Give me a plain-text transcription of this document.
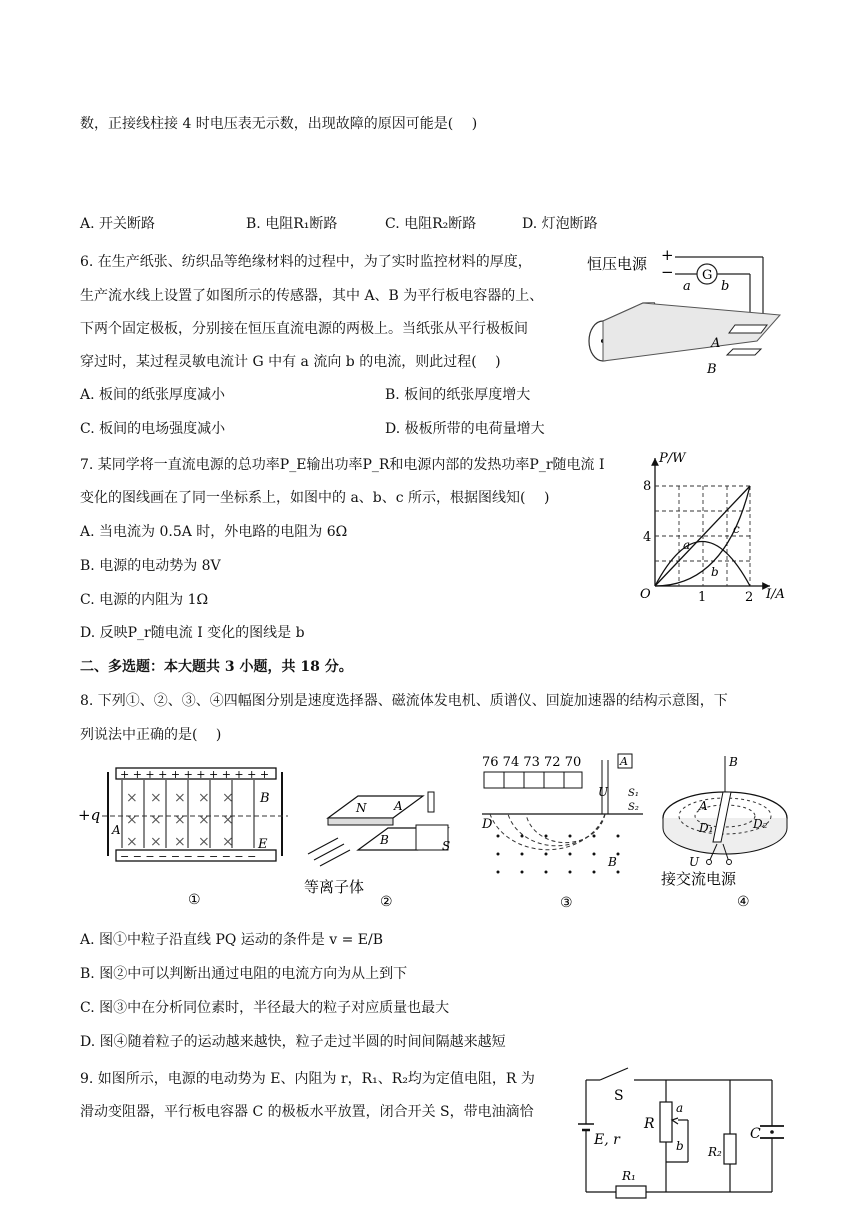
数，正接线柱接 4 时电压表无示数，出现故障的原因可能是(　 )
A. 开关断路	B. 电阻R₁断路	C. 电阻R₂断路	D. 灯泡断路
6. 在生产纸张、纺织品等绝缘材料的过程中，为了实时监控材料的厚度，
生产流水线上设置了如图所示的传感器，其中 A、B 为平行板电容器的上、
下两个固定极板，分别接在恒压直流电源的两极上。当纸张从平行极板间
穿过时，某过程灵敏电流计 G 中有 a 流向 b 的电流，则此过程(　 )
A. 板间的纸张厚度减小	B. 板间的纸张厚度增大
C. 板间的电场强度减小	D. 极板所带的电荷量增大
恒压电源 +
− G
a b
A
B
7. 某同学将一直流电源的总功率P_E输出功率P_R和电源内部的发热功率P_r随电流 I
变化的图线画在了同一坐标系上，如图中的 a、b、c 所示，根据图线知(　 )
A. 当电流为 0.5A 时，外电路的电阻为 6Ω
B. 电源的电动势为 8V
C. 电源的内阻为 1Ω
D. 反映P_r随电流 I 变化的图线是 b
P/W
I/A
O
4
8
1	2
a
b
c
二、多选题：本大题共 3 小题，共 18 分。
8. 下列①、②、③、④四幅图分别是速度选择器、磁流体发电机、质谱仪、回旋加速器的结构示意图，下
列说法中正确的是(　 )
+ + + + + + + + + + + +
− − − − − − − − − − −
× × × × ×
× × × × ×
× × × × ×
+q
B
E
A
①
N A
B	S
等离子体
②
76 74 73 72 70
D
A
U S₁
S₂
B
③
B
A
D₁	D₂
U
接交流电源
④
A. 图①中粒子沿直线 PQ 运动的条件是 v = E/B
B. 图②中可以判断出通过电阻的电流方向为从上到下
C. 图③中在分析同位素时，半径最大的粒子对应质量也最大
D. 图④随着粒子的运动越来越快，粒子走过半圆的时间间隔越来越短
9. 如图所示，电源的电动势为 E、内阻为 r，R₁、R₂均为定值电阻，R 为
滑动变阻器，平行板电容器 C 的极板水平放置，闭合开关 S，带电油滴恰
E, r
S
R₁
R
a
b R₂
C
